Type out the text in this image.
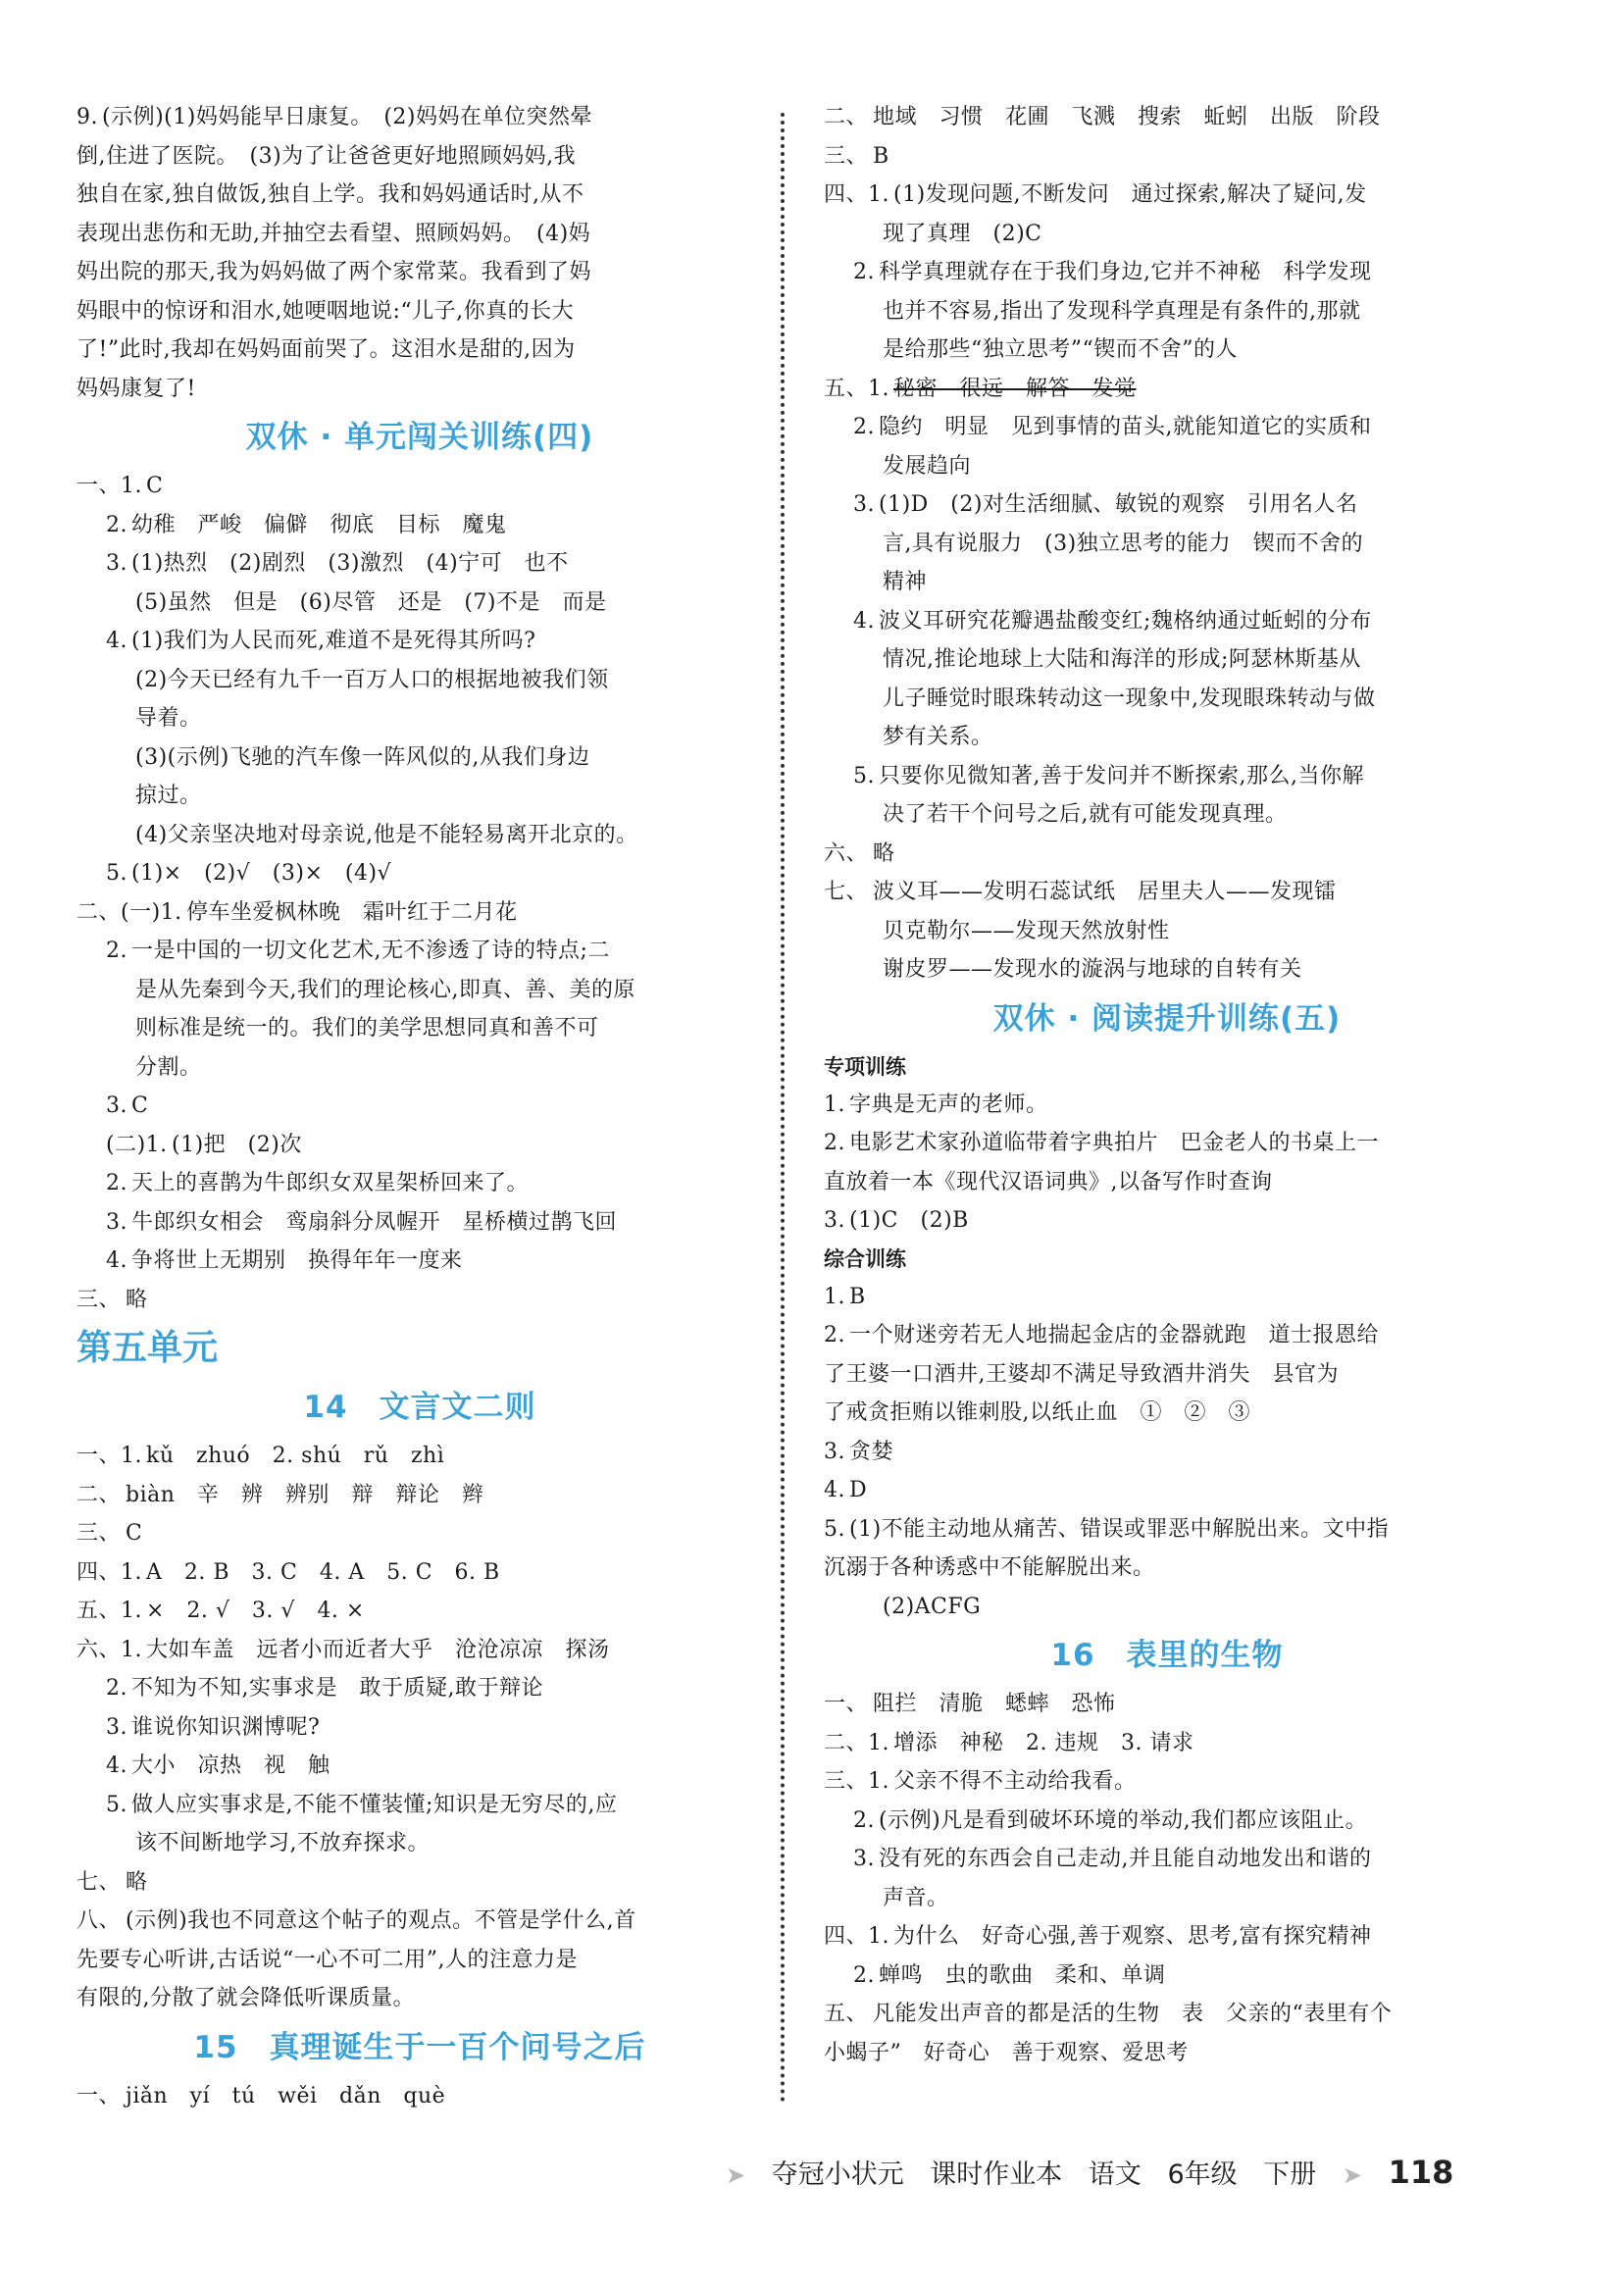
9. (示例)(1)妈妈能早日康复。　(2)妈妈在单位突然晕
倒,住进了医院。　(3)为了让爸爸更好地照顾妈妈,我
独自在家,独自做饭,独自上学。我和妈妈通话时,从不
表现出悲伤和无助,并抽空去看望、照顾妈妈。　(4)妈
妈出院的那天,我为妈妈做了两个家常菜。我看到了妈
妈眼中的惊讶和泪水,她哽咽地说:“儿子,你真的长大
了!”此时,我却在妈妈面前哭了。这泪水是甜的,因为
妈妈康复了!
双休 · 单元闯关训练(四)
一、1. C
2. 幼稚　严峻　偏僻　彻底　目标　魔鬼
3. (1)热烈　(2)剧烈　(3)激烈　(4)宁可　也不
(5)虽然　但是　(6)尽管　还是　(7)不是　而是
4. (1)我们为人民而死,难道不是死得其所吗?
(2)今天已经有九千一百万人口的根据地被我们领
导着。
(3)(示例)飞驰的汽车像一阵风似的,从我们身边
掠过。
(4)父亲坚决地对母亲说,他是不能轻易离开北京的。
5. (1)×　(2)√　(3)×　(4)√
二、(一)1. 停车坐爱枫林晚　霜叶红于二月花
2. 一是中国的一切文化艺术,无不渗透了诗的特点;二
是从先秦到今天,我们的理论核心,即真、善、美的原
则标准是统一的。我们的美学思想同真和善不可
分割。
3. C
(二)1. (1)把　(2)次
2. 天上的喜鹊为牛郎织女双星架桥回来了。
3. 牛郎织女相会　鸾扇斜分凤幄开　星桥横过鹊飞回
4. 争将世上无期别　换得年年一度来
三、 略
第五单元
14　文言文二则
一、1. kǔ　zhuó　2. shú　rǔ　zhì
二、 biàn　辛　辨　辨别　辩　辩论　辫
三、 C
四、1. A　2. B　3. C　4. A　5. C　6. B
五、1. ×　2. √　3. √　4. ×
六、1. 大如车盖　远者小而近者大乎　沧沧凉凉　探汤
2. 不知为不知,实事求是　敢于质疑,敢于辩论
3. 谁说你知识渊博呢?
4. 大小　凉热　视　触
5. 做人应实事求是,不能不懂装懂;知识是无穷尽的,应
该不间断地学习,不放弃探求。
七、 略
八、 (示例)我也不同意这个帖子的观点。不管是学什么,首
先要专心听讲,古话说“一心不可二用”,人的注意力是
有限的,分散了就会降低听课质量。
15　真理诞生于一百个问号之后
一、 jiǎn　yí　tú　wěi　dǎn　què
二、 地域　习惯　花圃　飞溅　搜索　蚯蚓　出版　阶段
三、 B
四、1. (1)发现问题,不断发问　通过探索,解决了疑问,发
现了真理　(2)C
2. 科学真理就存在于我们身边,它并不神秘　科学发现
也并不容易,指出了发现科学真理是有条件的,那就
是给那些“独立思考”“锲而不舍”的人
五、1. 秘密　很远　解答　发觉
2. 隐约　明显　见到事情的苗头,就能知道它的实质和
发展趋向
3. (1)D　(2)对生活细腻、敏锐的观察　引用名人名
言,具有说服力　(3)独立思考的能力　锲而不舍的
精神
4. 波义耳研究花瓣遇盐酸变红;魏格纳通过蚯蚓的分布
情况,推论地球上大陆和海洋的形成;阿瑟林斯基从
儿子睡觉时眼珠转动这一现象中,发现眼珠转动与做
梦有关系。
5. 只要你见微知著,善于发问并不断探索,那么,当你解
决了若干个问号之后,就有可能发现真理。
六、 略
七、 波义耳——发明石蕊试纸　居里夫人——发现镭
贝克勒尔——发现天然放射性
谢皮罗——发现水的漩涡与地球的自转有关
双休 · 阅读提升训练(五)
专项训练
1. 字典是无声的老师。
2. 电影艺术家孙道临带着字典拍片　巴金老人的书桌上一
直放着一本《现代汉语词典》,以备写作时查询
3. (1)C　(2)B
综合训练
1. B
2. 一个财迷旁若无人地揣起金店的金器就跑　道士报恩给
了王婆一口酒井,王婆却不满足导致酒井消失　县官为
了戒贪拒贿以锥刺股,以纸止血　①　②　③
3. 贪婪
4. D
5. (1)不能主动地从痛苦、错误或罪恶中解脱出来。文中指
沉溺于各种诱惑中不能解脱出来。
(2)ACFG
16　表里的生物
一、 阻拦　清脆　蟋蟀　恐怖
二、1. 增添　神秘　2. 违规　3. 请求
三、1. 父亲不得不主动给我看。
2. (示例)凡是看到破坏环境的举动,我们都应该阻止。
3. 没有死的东西会自己走动,并且能自动地发出和谐的
声音。
四、1. 为什么　好奇心强,善于观察、思考,富有探究精神
2. 蝉鸣　虫的歌曲　柔和、单调
五、 凡能发出声音的都是活的生物　表　父亲的“表里有个
小蝎子”　好奇心　善于观察、爱思考
➤ 夺冠小状元 课时作业本 语文 6年级 下册 ➤ 118
